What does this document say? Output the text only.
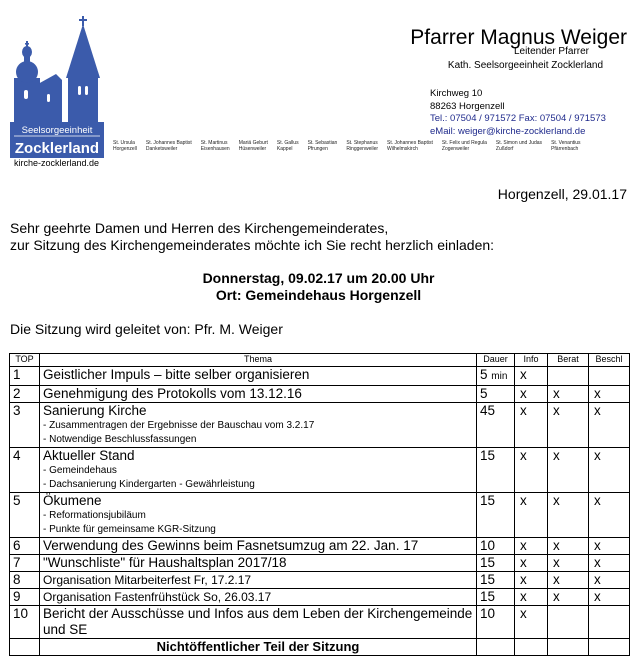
Seelsorgeeinheit
Zocklerland
kirche-zocklerland.de
Pfarrer Magnus Weiger
Leitender Pfarrer
Kath. Seelsorgeeinheit Zocklerland
Kirchweg 10
88263 Horgenzell
Tel.: 07504 / 971572 Fax: 07504 / 971573
eMail: weiger@kirche-zocklerland.de
St. Ursula
Horgenzell
St. Johannes Baptist
Danketsweiler
St. Martinus
Eisenhausen
Mariä Geburt
Hüsenweiler
St. Gallus
Kappel
St. Sebastian
Pfrungen
St. Stephanus
Ringgenweiler
St. Johannes Baptist
Wilhelmskirch
St. Felix und Regula
Zogenweiler
St. Simon und Judas
Zußdorf
St. Venantius
Pfärrenbach
Horgenzell, 29.01.17
Sehr geehrte Damen und Herren des Kirchengemeinderates,
zur Sitzung des Kirchengemeinderates möchte ich Sie recht herzlich einladen:
Donnerstag, 09.02.17 um 20.00 Uhr
Ort: Gemeindehaus Horgenzell
Die Sitzung wird geleitet von: Pfr. M. Weiger
TOP	Thema	Dauer	Info	Berat	Beschl
1	Geistlicher Impuls – bitte selber organisieren	5 min	x		
2	Genehmigung des Protokolls vom 13.12.16	5	x	x	x
3	Sanierung Kirche
- Zusammentragen der Ergebnisse der Bauschau vom 3.2.17
- Notwendige Beschlussfassungen	45	x	x	x
4	Aktueller Stand
- Gemeindehaus
- Dachsanierung Kindergarten - Gewährleistung	15	x	x	x
5	Ökumene
- Reformationsjubiläum
- Punkte für gemeinsame KGR-Sitzung	15	x	x	x
6	Verwendung des Gewinns beim Fasnetsumzug am 22. Jan. 17	10	x	x	x
7	"Wunschliste" für Haushaltsplan 2017/18	15	x	x	x
8	Organisation Mitarbeiterfest Fr, 17.2.17	15	x	x	x
9	Organisation Fastenfrühstück So, 26.03.17	15	x	x	x
10	Bericht der Ausschüsse und Infos aus dem Leben der Kirchengemeinde und SE	10	x		
	Nichtöffentlicher Teil der Sitzung				
